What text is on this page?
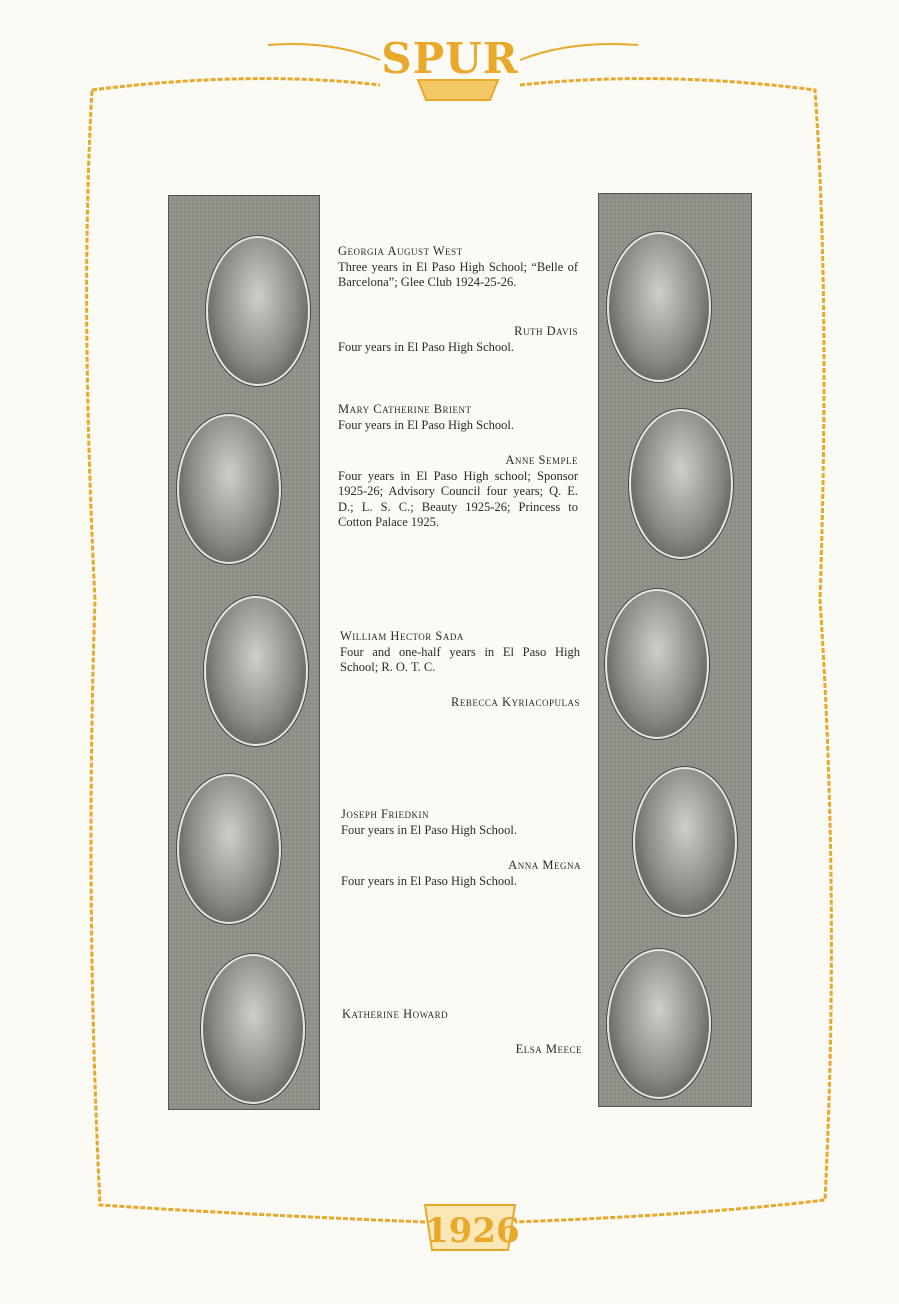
SPUR
1926
Georgia August West
Three years in El Paso High School; “Belle of Barcelona”; Glee Club 1924-25-26.
Ruth Davis
Four years in El Paso High School.
Mary Catherine Brient
Four years in El Paso High School.
Anne Semple
Four years in El Paso High school; Sponsor 1925-26; Advisory Council four years; Q. E. D.; L. S. C.; Beauty 1925-26; Princess to Cotton Palace 1925.
William Hector Sada
Four and one-half years in El Paso High School; R. O. T. C.
Rebecca Kyriacopulas
Joseph Friedkin
Four years in El Paso High School.
Anna Megna
Four years in El Paso High School.
Katherine Howard
Elsa Meece
